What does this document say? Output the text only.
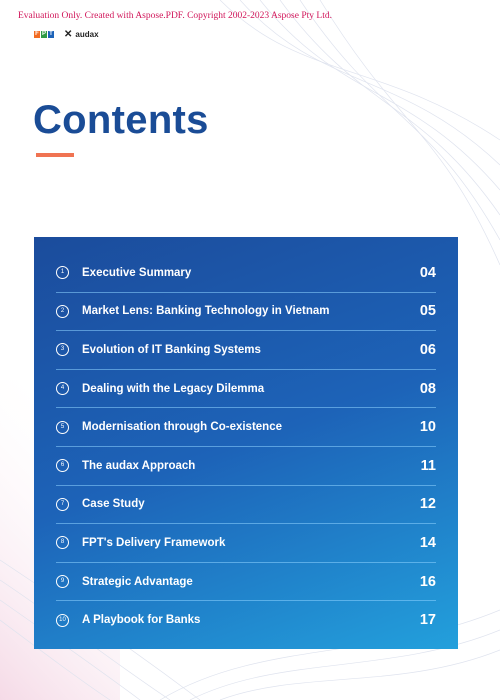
Evaluation Only. Created with Aspose.PDF. Copyright 2002-2023 Aspose Pty Ltd.
F P T ✕ audax
Contents
1	Executive Summary	04
2	Market Lens: Banking Technology in Vietnam	05
3	Evolution of IT Banking Systems	06
4	Dealing with the Legacy Dilemma	08
5	Modernisation through Co-existence	10
6	The audax Approach	11
7	Case Study	12
8	FPT's Delivery Framework	14
9	Strategic Advantage	16
10 A Playbook for Banks	17
